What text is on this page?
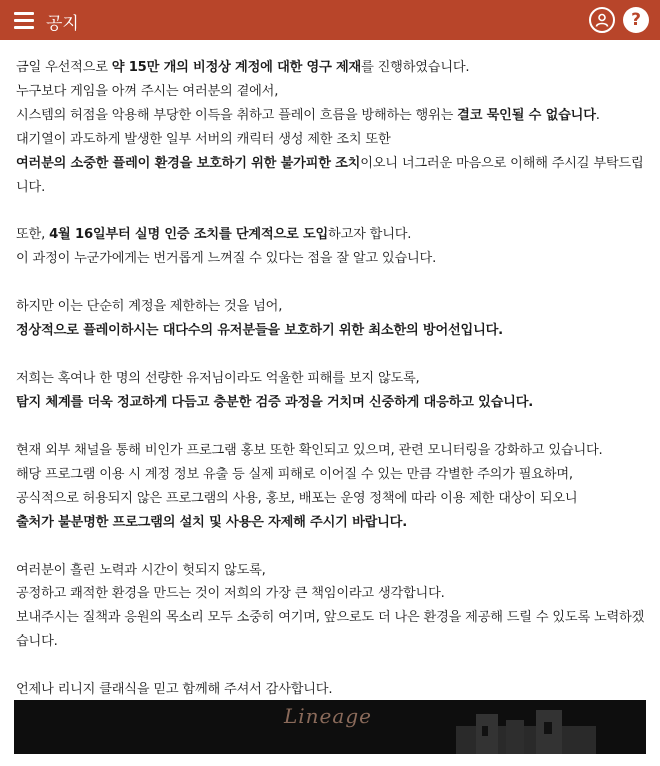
공지	?
금일 우선적으로 약 15만 개의 비정상 계정에 대한 영구 제재를 진행하였습니다.
누구보다 게임을 아껴 주시는 여러분의 곁에서,
시스템의 허점을 악용해 부당한 이득을 취하고 플레이 흐름을 방해하는 행위는 결코 묵인될 수 없습니다.
대기열이 과도하게 발생한 일부 서버의 캐릭터 생성 제한 조치 또한
여러분의 소중한 플레이 환경을 보호하기 위한 불가피한 조치이오니 너그러운 마음으로 이해해 주시길 부탁드립니다.
또한, 4월 16일부터 실명 인증 조치를 단계적으로 도입하고자 합니다.
이 과정이 누군가에게는 번거롭게 느껴질 수 있다는 점을 잘 알고 있습니다.
하지만 이는 단순히 계정을 제한하는 것을 넘어,
정상적으로 플레이하시는 대다수의 유저분들을 보호하기 위한 최소한의 방어선입니다.
저희는 혹여나 한 명의 선량한 유저님이라도 억울한 피해를 보지 않도록,
탐지 체계를 더욱 정교하게 다듬고 충분한 검증 과정을 거치며 신중하게 대응하고 있습니다.
현재 외부 채널을 통해 비인가 프로그램 홍보 또한 확인되고 있으며, 관련 모니터링을 강화하고 있습니다.
해당 프로그램 이용 시 계정 정보 유출 등 실제 피해로 이어질 수 있는 만큼 각별한 주의가 필요하며,
공식적으로 허용되지 않은 프로그램의 사용, 홍보, 배포는 운영 정책에 따라 이용 제한 대상이 되오니
출처가 불분명한 프로그램의 설치 및 사용은 자제해 주시기 바랍니다.
여러분이 흘린 노력과 시간이 헛되지 않도록,
공정하고 쾌적한 환경을 만드는 것이 저희의 가장 큰 책임이라고 생각합니다.
보내주시는 질책과 응원의 목소리 모두 소중히 여기며, 앞으로도 더 나은 환경을 제공해 드릴 수 있도록 노력하겠습니다.
언제나 리니지 클래식을 믿고 함께해 주셔서 감사합니다.
Lineage
